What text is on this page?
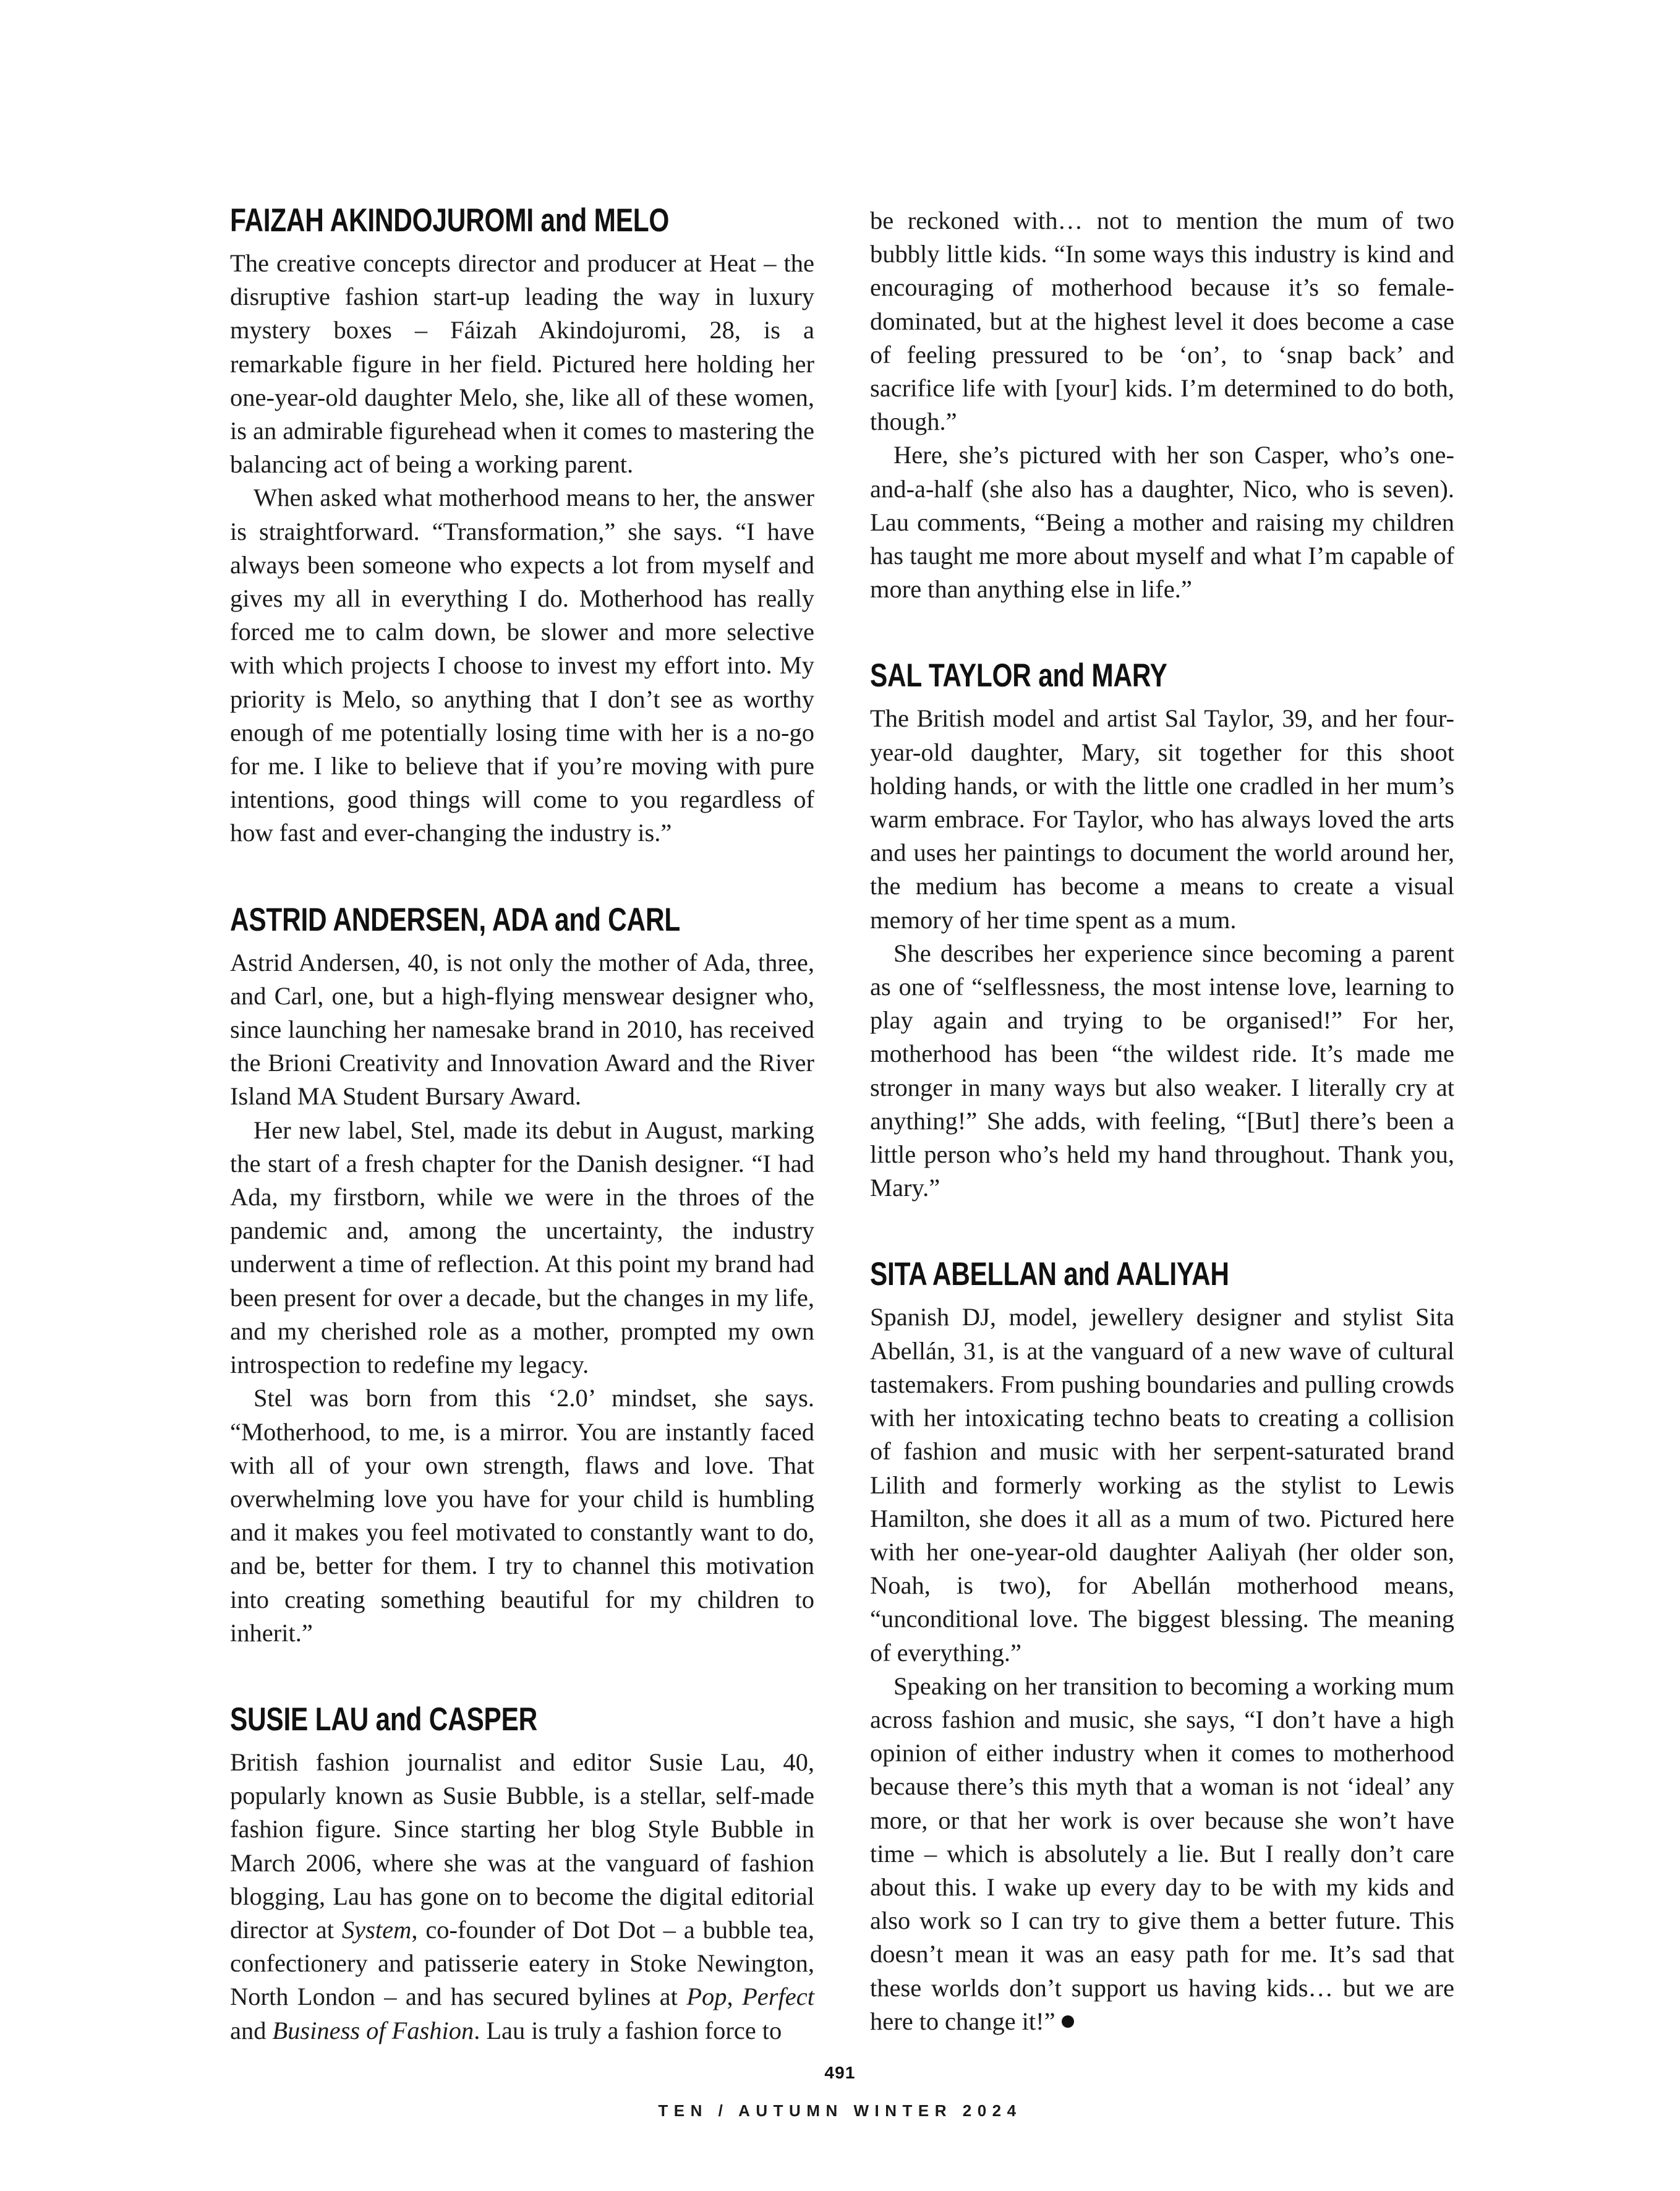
FAIZAH AKINDOJUROMI and MELO

The creative concepts director and producer at Heat – the disruptive fashion start-up leading the way in luxury mystery boxes – Fáizah Akindojuromi, 28, is a remarkable figure in her field. Pictured here holding her one-year-old daughter Melo, she, like all of these women, is an admirable figurehead when it comes to mastering the balancing act of being a working parent.

When asked what motherhood means to her, the answer is straightforward. “Transformation,” she says. “I have always been someone who expects a lot from myself and gives my all in everything I do. Motherhood has really forced me to calm down, be slower and more selective with which projects I choose to invest my effort into. My priority is Melo, so anything that I don’t see as worthy enough of me potentially losing time with her is a no-go for me. I like to believe that if you’re moving with pure intentions, good things will come to you regardless of how fast and ever-changing the industry is.”

ASTRID ANDERSEN, ADA and CARL

Astrid Andersen, 40, is not only the mother of Ada, three, and Carl, one, but a high-flying menswear designer who, since launching her namesake brand in 2010, has received the Brioni Creativity and Innovation Award and the River Island MA Student Bursary Award.

Her new label, Stel, made its debut in August, marking the start of a fresh chapter for the Danish designer. “I had Ada, my firstborn, while we were in the throes of the pandemic and, among the uncertainty, the industry underwent a time of reflection. At this point my brand had been present for over a decade, but the changes in my life, and my cherished role as a mother, prompted my own introspection to redefine my legacy.

Stel was born from this ‘2.0’ mindset, she says. “Motherhood, to me, is a mirror. You are instantly faced with all of your own strength, flaws and love. That overwhelming love you have for your child is humbling and it makes you feel motivated to constantly want to do, and be, better for them. I try to channel this motivation into creating something beautiful for my children to inherit.”

SUSIE LAU and CASPER

British fashion journalist and editor Susie Lau, 40, popularly known as Susie Bubble, is a stellar, self-made fashion figure. Since starting her blog Style Bubble in March 2006, where she was at the vanguard of fashion blogging, Lau has gone on to become the digital editorial director at System, co-founder of Dot Dot – a bubble tea, confectionery and patisserie eatery in Stoke Newington, North London – and has secured bylines at Pop, Perfect and Business of Fashion. Lau is truly a fashion force to

be reckoned with… not to mention the mum of two bubbly little kids. “In some ways this industry is kind and encouraging of motherhood because it’s so female-dominated, but at the highest level it does become a case of feeling pressured to be ‘on’, to ‘snap back’ and sacrifice life with [your] kids. I’m determined to do both, though.”

Here, she’s pictured with her son Casper, who’s one-and-a-half (she also has a daughter, Nico, who is seven). Lau comments, “Being a mother and raising my children has taught me more about myself and what I’m capable of more than anything else in life.”

SAL TAYLOR and MARY

The British model and artist Sal Taylor, 39, and her four-year-old daughter, Mary, sit together for this shoot holding hands, or with the little one cradled in her mum’s warm embrace. For Taylor, who has always loved the arts and uses her paintings to document the world around her, the medium has become a means to create a visual memory of her time spent as a mum.

She describes her experience since becoming a parent as one of “selflessness, the most intense love, learning to play again and trying to be organised!” For her, motherhood has been “the wildest ride. It’s made me stronger in many ways but also weaker. I literally cry at anything!” She adds, with feeling, “[But] there’s been a little person who’s held my hand throughout. Thank you, Mary.”

SITA ABELLAN and AALIYAH

Spanish DJ, model, jewellery designer and stylist Sita Abellán, 31, is at the vanguard of a new wave of cultural tastemakers. From pushing boundaries and pulling crowds with her intoxicating techno beats to creating a collision of fashion and music with her serpent-saturated brand Lilith and formerly working as the stylist to Lewis Hamilton, she does it all as a mum of two. Pictured here with her one-year-old daughter Aaliyah (her older son, Noah, is two), for Abellán motherhood means, “unconditional love. The biggest blessing. The meaning of everything.”

Speaking on her transition to becoming a working mum across fashion and music, she says, “I don’t have a high opinion of either industry when it comes to motherhood because there’s this myth that a woman is not ‘ideal’ any more, or that her work is over because she won’t have time – which is absolutely a lie. But I really don’t care about this. I wake up every day to be with my kids and also work so I can try to give them a better future. This doesn’t mean it was an easy path for me. It’s sad that these worlds don’t support us having kids… but we are here to change it!”

491
TEN / AUTUMN WINTER 2024
